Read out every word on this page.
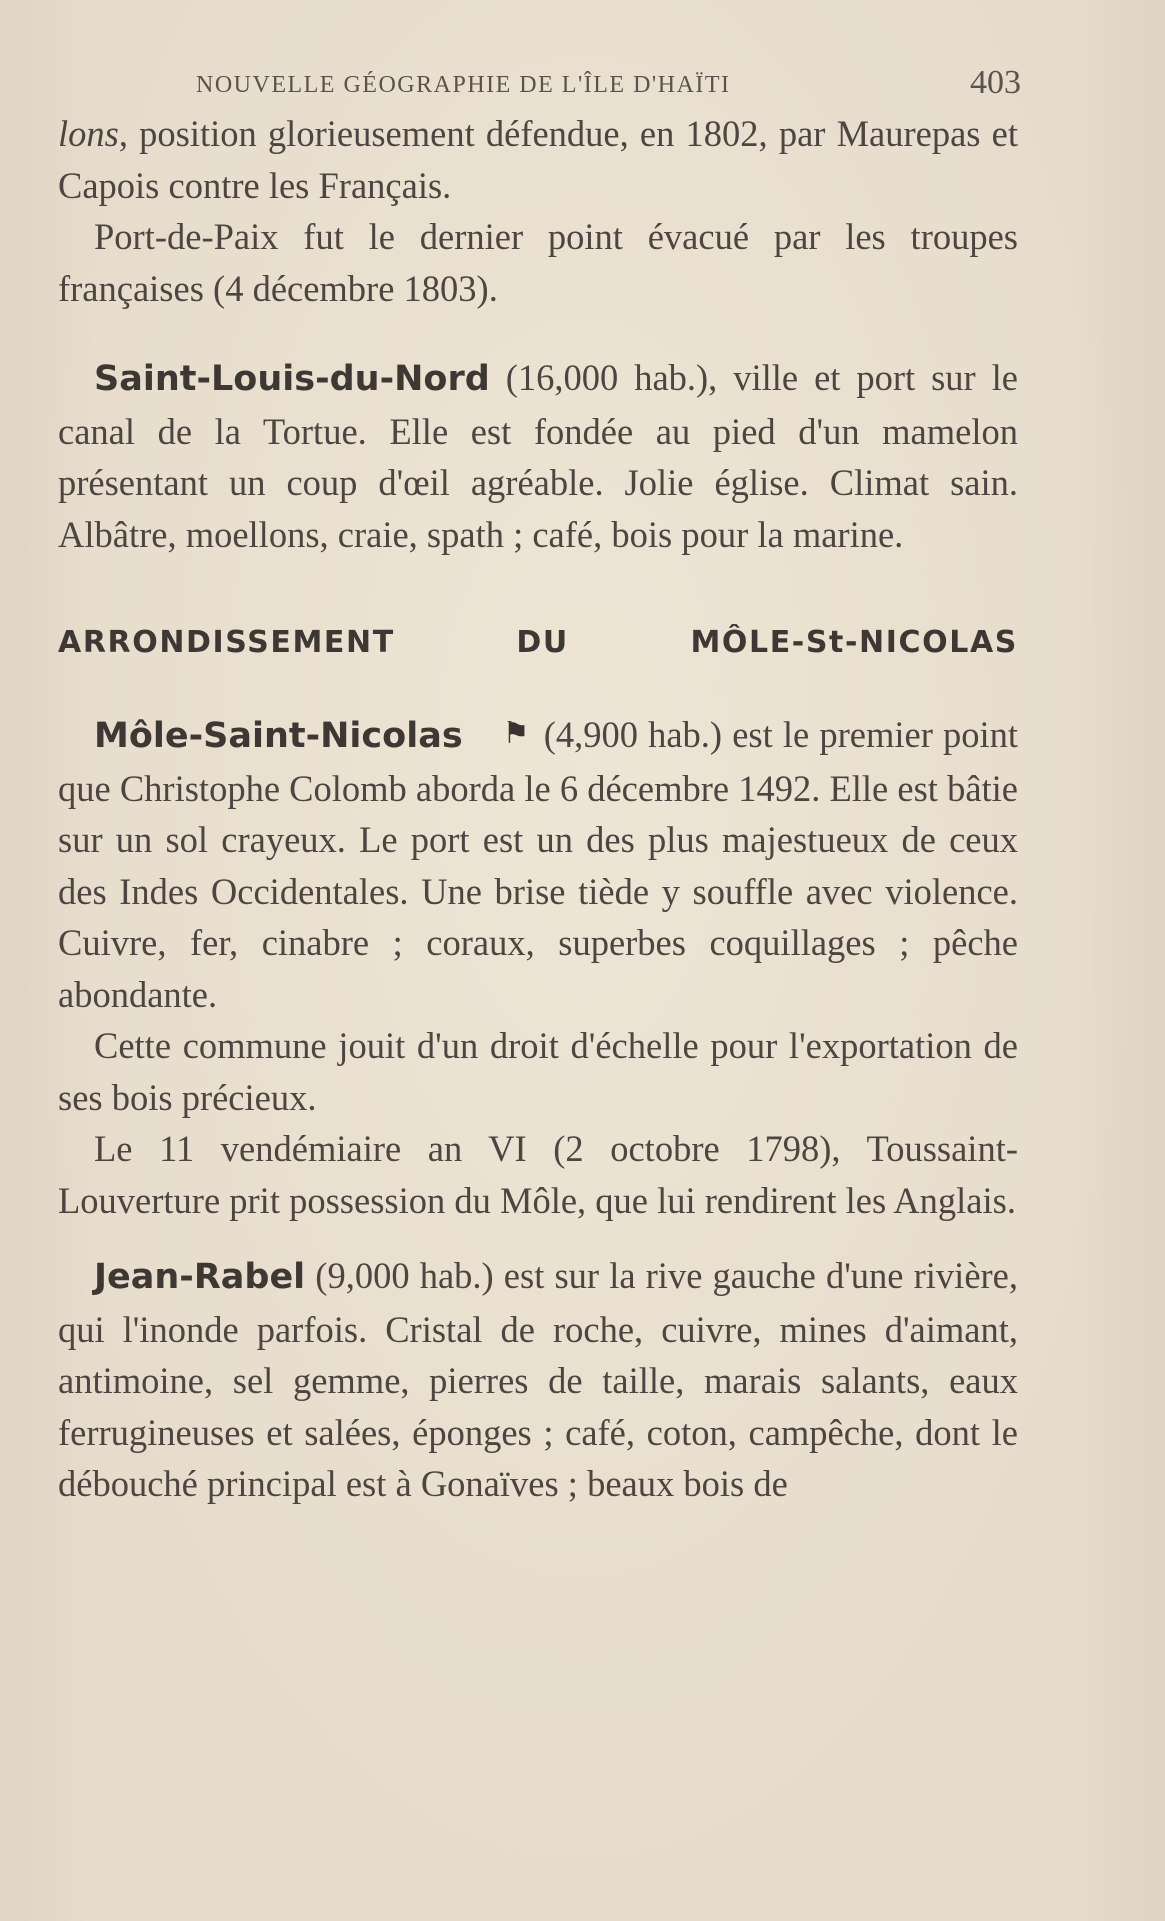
NOUVELLE GÉOGRAPHIE DE L'ÎLE D'HAÏTI	403

lons, position glorieusement défendue, en 1802, par Maurepas et Capois contre les Français.

Port-de-Paix fut le dernier point évacué par les troupes françaises (4 décembre 1803).

Saint-Louis-du-Nord (16,000 hab.), ville et port sur le canal de la Tortue. Elle est fondée au pied d'un mamelon présentant un coup d'œil agréable. Jolie église. Climat sain. Albâtre, moellons, craie, spath ; café, bois pour la marine.

ARRONDISSEMENT	DU	MÔLE-St-NICOLAS

Môle-Saint-Nicolas ⚑ (4,900 hab.) est le premier point que Christophe Colomb aborda le 6 décembre 1492. Elle est bâtie sur un sol crayeux. Le port est un des plus majestueux de ceux des Indes Occidentales. Une brise tiède y souffle avec violence. Cuivre, fer, cinabre ; coraux, superbes coquillages ; pêche abondante.

Cette commune jouit d'un droit d'échelle pour l'exportation de ses bois précieux.

Le 11 vendémiaire an VI (2 octobre 1798), Toussaint-Louverture prit possession du Môle, que lui rendirent les Anglais.

Jean-Rabel (9,000 hab.) est sur la rive gauche d'une rivière, qui l'inonde parfois. Cristal de roche, cuivre, mines d'aimant, antimoine, sel gemme, pierres de taille, marais salants, eaux ferrugineuses et salées, éponges ; café, coton, campêche, dont le débouché principal est à Gonaïves ; beaux bois de
